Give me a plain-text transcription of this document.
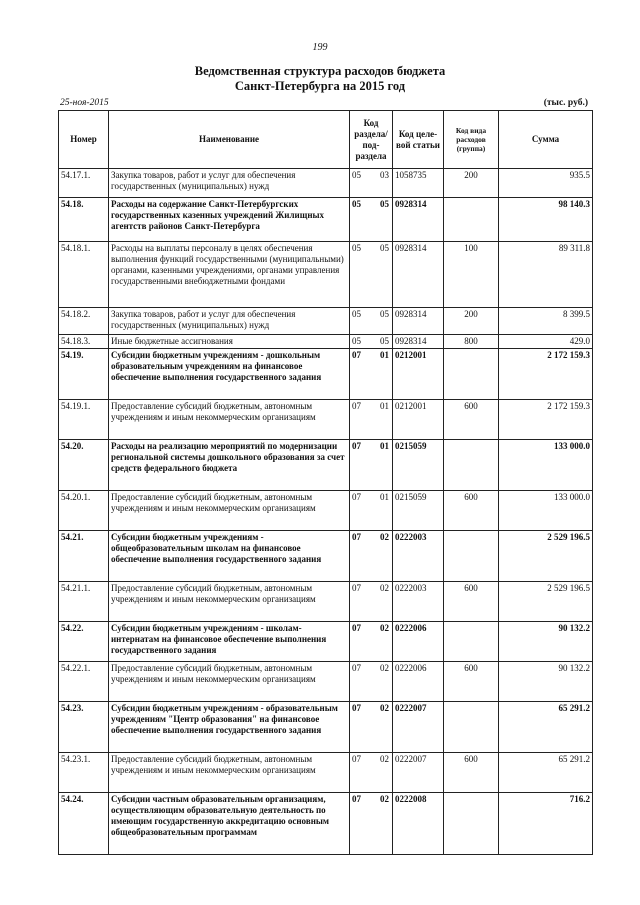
199
Ведомственная структура расходов бюджета
Санкт-Петербурга на 2015 год
25-ноя-2015	(тыс. руб.)
Номер	Наименование	Код раздела/ под-раздела	Код целе-вой статьи	Код вида расходов (группа)	Сумма
54.17.1.	Закупка товаров, работ и услуг для обеспечения государственных (муниципальных) нужд	05 03	1058735	200	935.5
54.18.	Расходы на содержание Санкт-Петербургских государственных казенных учреждений Жилищных агентств районов Санкт-Петербурга	05 05	0928314		98 140.3
54.18.1.	Расходы на выплаты персоналу в целях обеспечения выполнения функций государственными (муниципальными) органами, казенными учреждениями, органами управления государственными внебюджетными фондами	05 05	0928314	100	89 311.8
54.18.2.	Закупка товаров, работ и услуг для обеспечения государственных (муниципальных) нужд	05 05	0928314	200	8 399.5
54.18.3.	Иные бюджетные ассигнования	05 05	0928314	800	429.0
54.19.	Субсидии бюджетным учреждениям - дошкольным образовательным учреждениям на финансовое обеспечение выполнения государственного задания	07 01	0212001		2 172 159.3
54.19.1.	Предоставление субсидий бюджетным, автономным учреждениям и иным некоммерческим организациям	07 01	0212001	600	2 172 159.3
54.20.	Расходы на реализацию мероприятий по модернизации региональной системы дошкольного образования за счет средств федерального бюджета	07 01	0215059		133 000.0
54.20.1.	Предоставление субсидий бюджетным, автономным учреждениям и иным некоммерческим организациям	07 01	0215059	600	133 000.0
54.21.	Субсидии бюджетным учреждениям - общеобразовательным школам на финансовое обеспечение выполнения государственного задания	07 02	0222003		2 529 196.5
54.21.1.	Предоставление субсидий бюджетным, автономным учреждениям и иным некоммерческим организациям	07 02	0222003	600	2 529 196.5
54.22.	Субсидии бюджетным учреждениям - школам-интернатам на финансовое обеспечение выполнения государственного задания	07 02	0222006		90 132.2
54.22.1.	Предоставление субсидий бюджетным, автономным учреждениям и иным некоммерческим организациям	07 02	0222006	600	90 132.2
54.23.	Субсидии бюджетным учреждениям - образовательным учреждениям "Центр образования" на финансовое обеспечение выполнения государственного задания	07 02	0222007		65 291.2
54.23.1.	Предоставление субсидий бюджетным, автономным учреждениям и иным некоммерческим организациям	07 02	0222007	600	65 291.2
54.24.	Субсидии частным образовательным организациям, осуществляющим образовательную деятельность по имеющим государственную аккредитацию основным общеобразовательным программам	07 02	0222008		716.2
